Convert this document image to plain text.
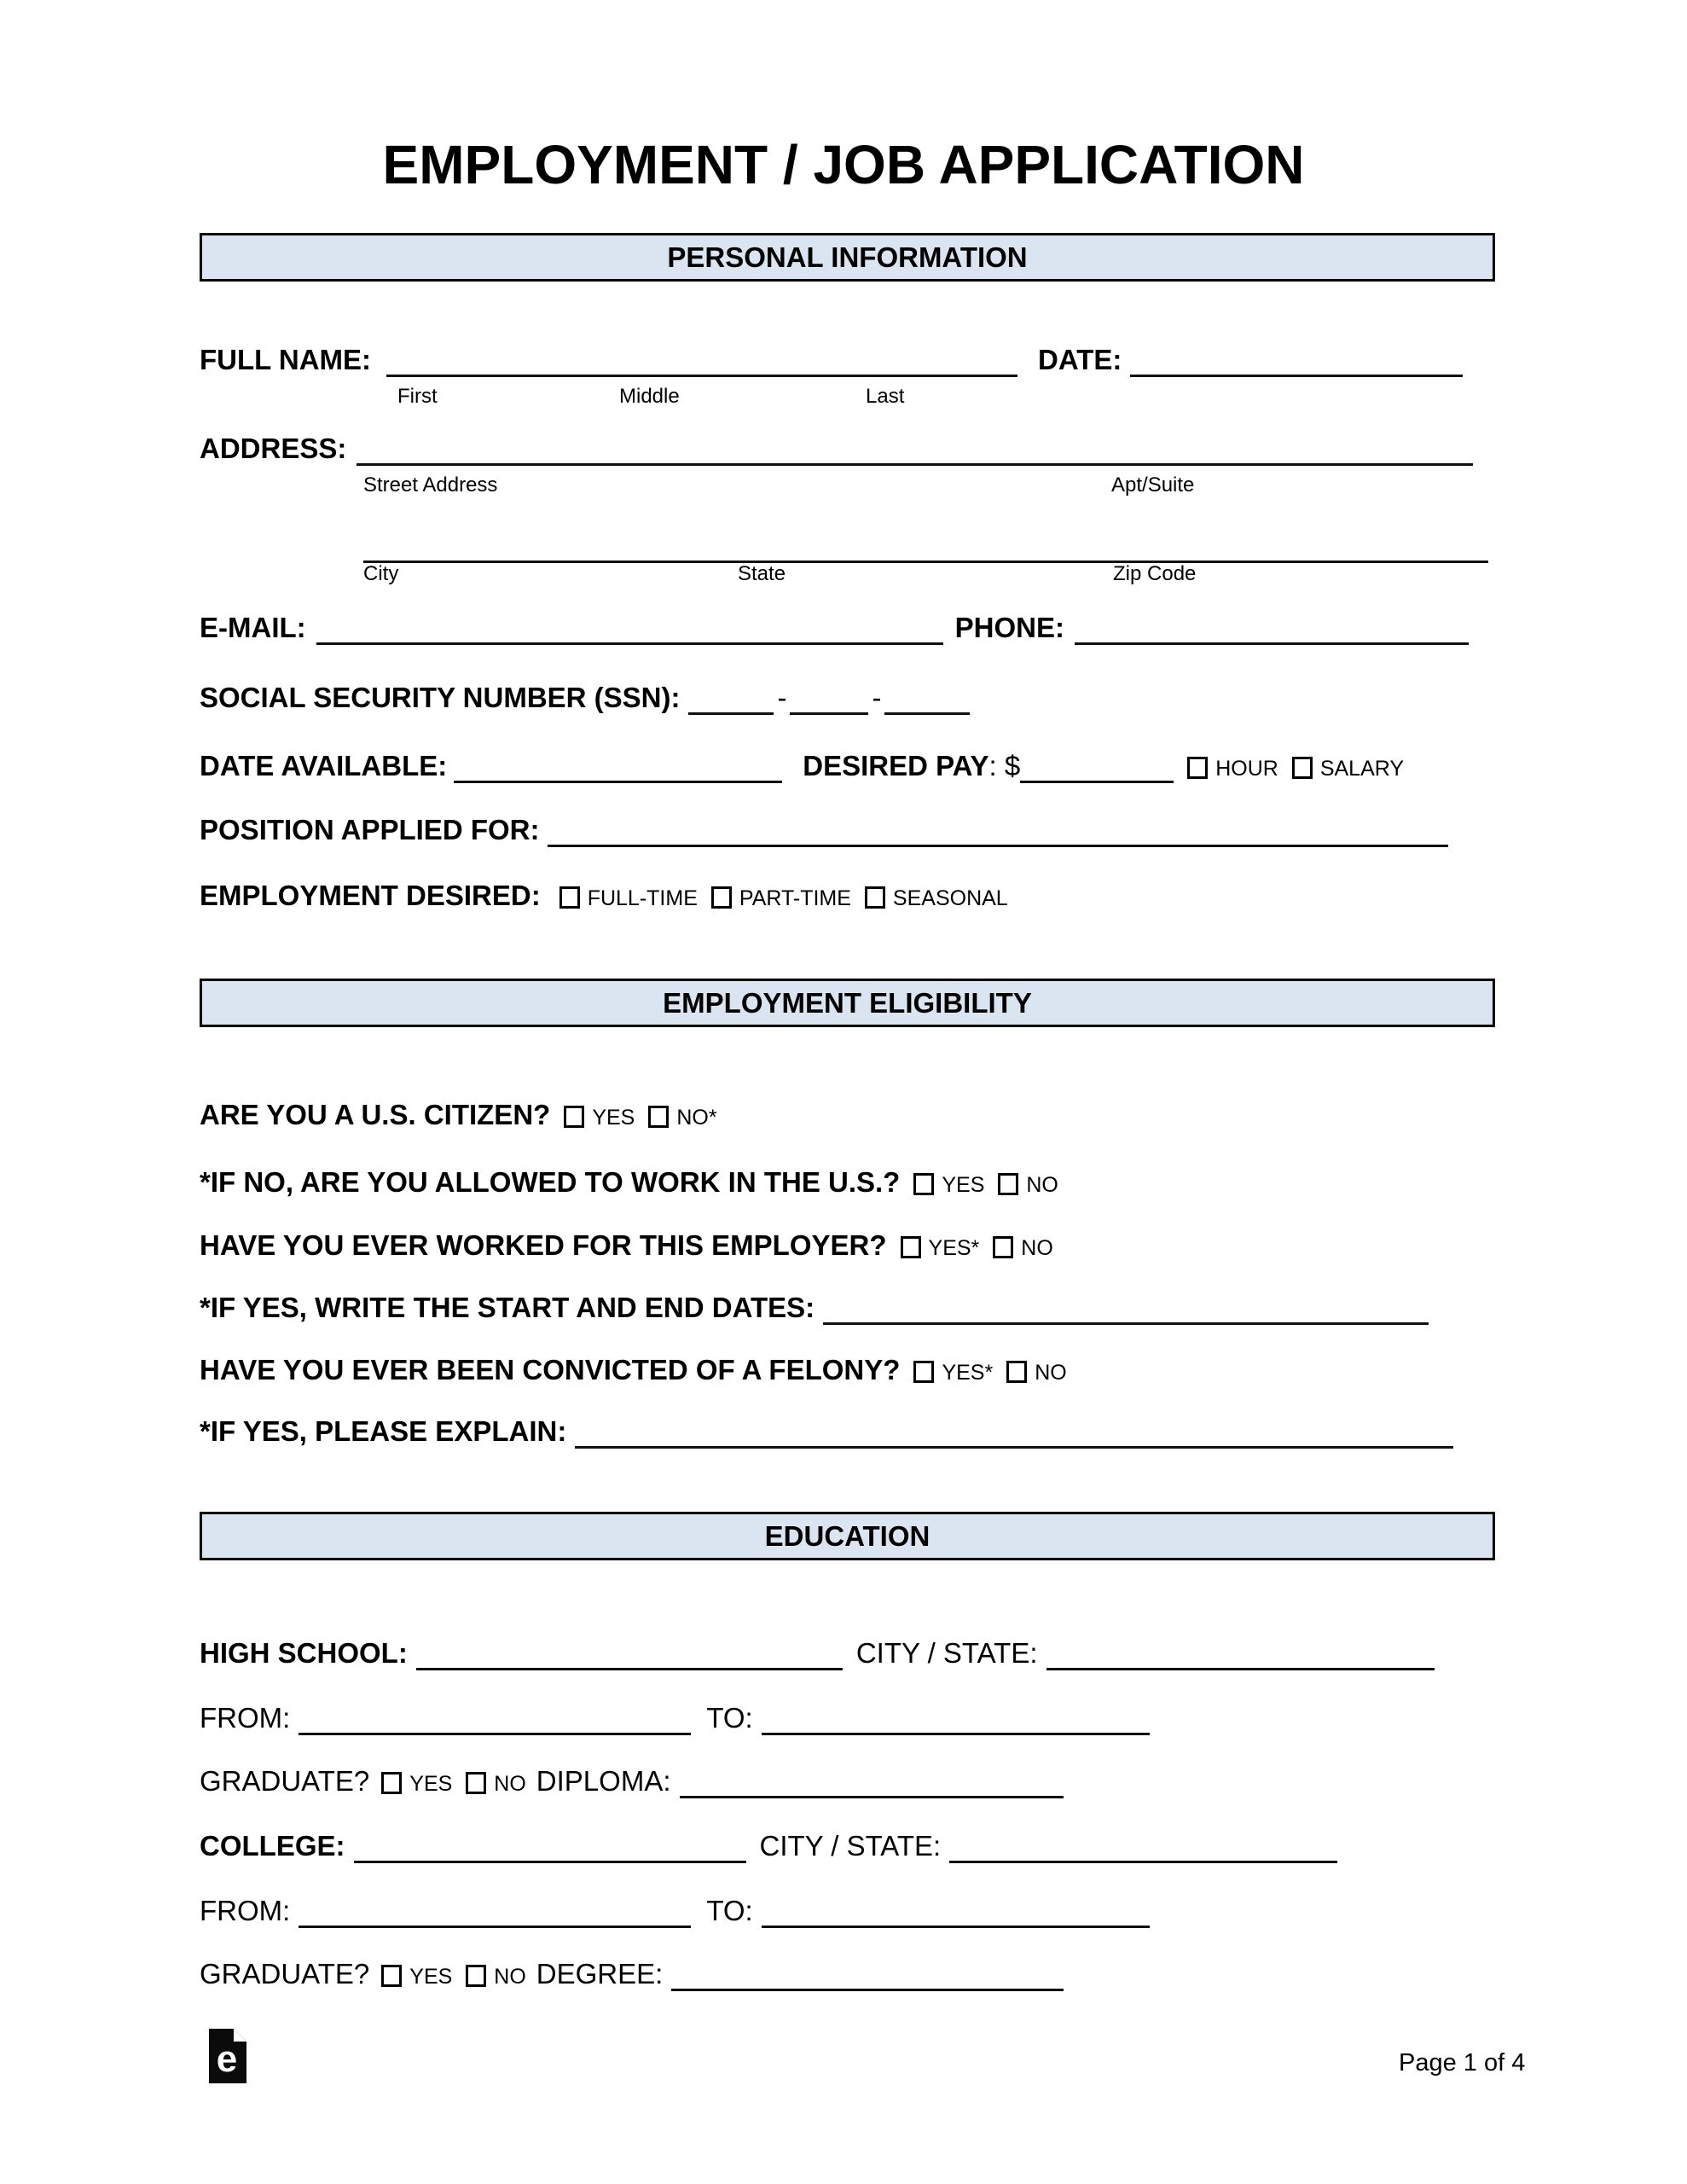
EMPLOYMENT / JOB APPLICATION
PERSONAL INFORMATION
FULL NAME:	DATE:
First	Middle	Last
ADDRESS:
Street Address	Apt/Suite
City	State	Zip Code
E-MAIL:	PHONE:
SOCIAL SECURITY NUMBER (SSN):	-	-
DATE AVAILABLE:	DESIRED PAY: $	HOUR SALARY
POSITION APPLIED FOR:
EMPLOYMENT DESIRED: FULL-TIME PART-TIME SEASONAL
EMPLOYMENT ELIGIBILITY
ARE YOU A U.S. CITIZEN? YES NO*
*IF NO, ARE YOU ALLOWED TO WORK IN THE U.S.? YES NO
HAVE YOU EVER WORKED FOR THIS EMPLOYER? YES* NO
*IF YES, WRITE THE START AND END DATES:
HAVE YOU EVER BEEN CONVICTED OF A FELONY? YES* NO
*IF YES, PLEASE EXPLAIN:
EDUCATION
HIGH SCHOOL:	CITY / STATE:
FROM:	TO:
GRADUATE? YES NO DIPLOMA:
COLLEGE:	CITY / STATE:
FROM:	TO:
GRADUATE? YES NO DEGREE:
e	Page 1 of 4
